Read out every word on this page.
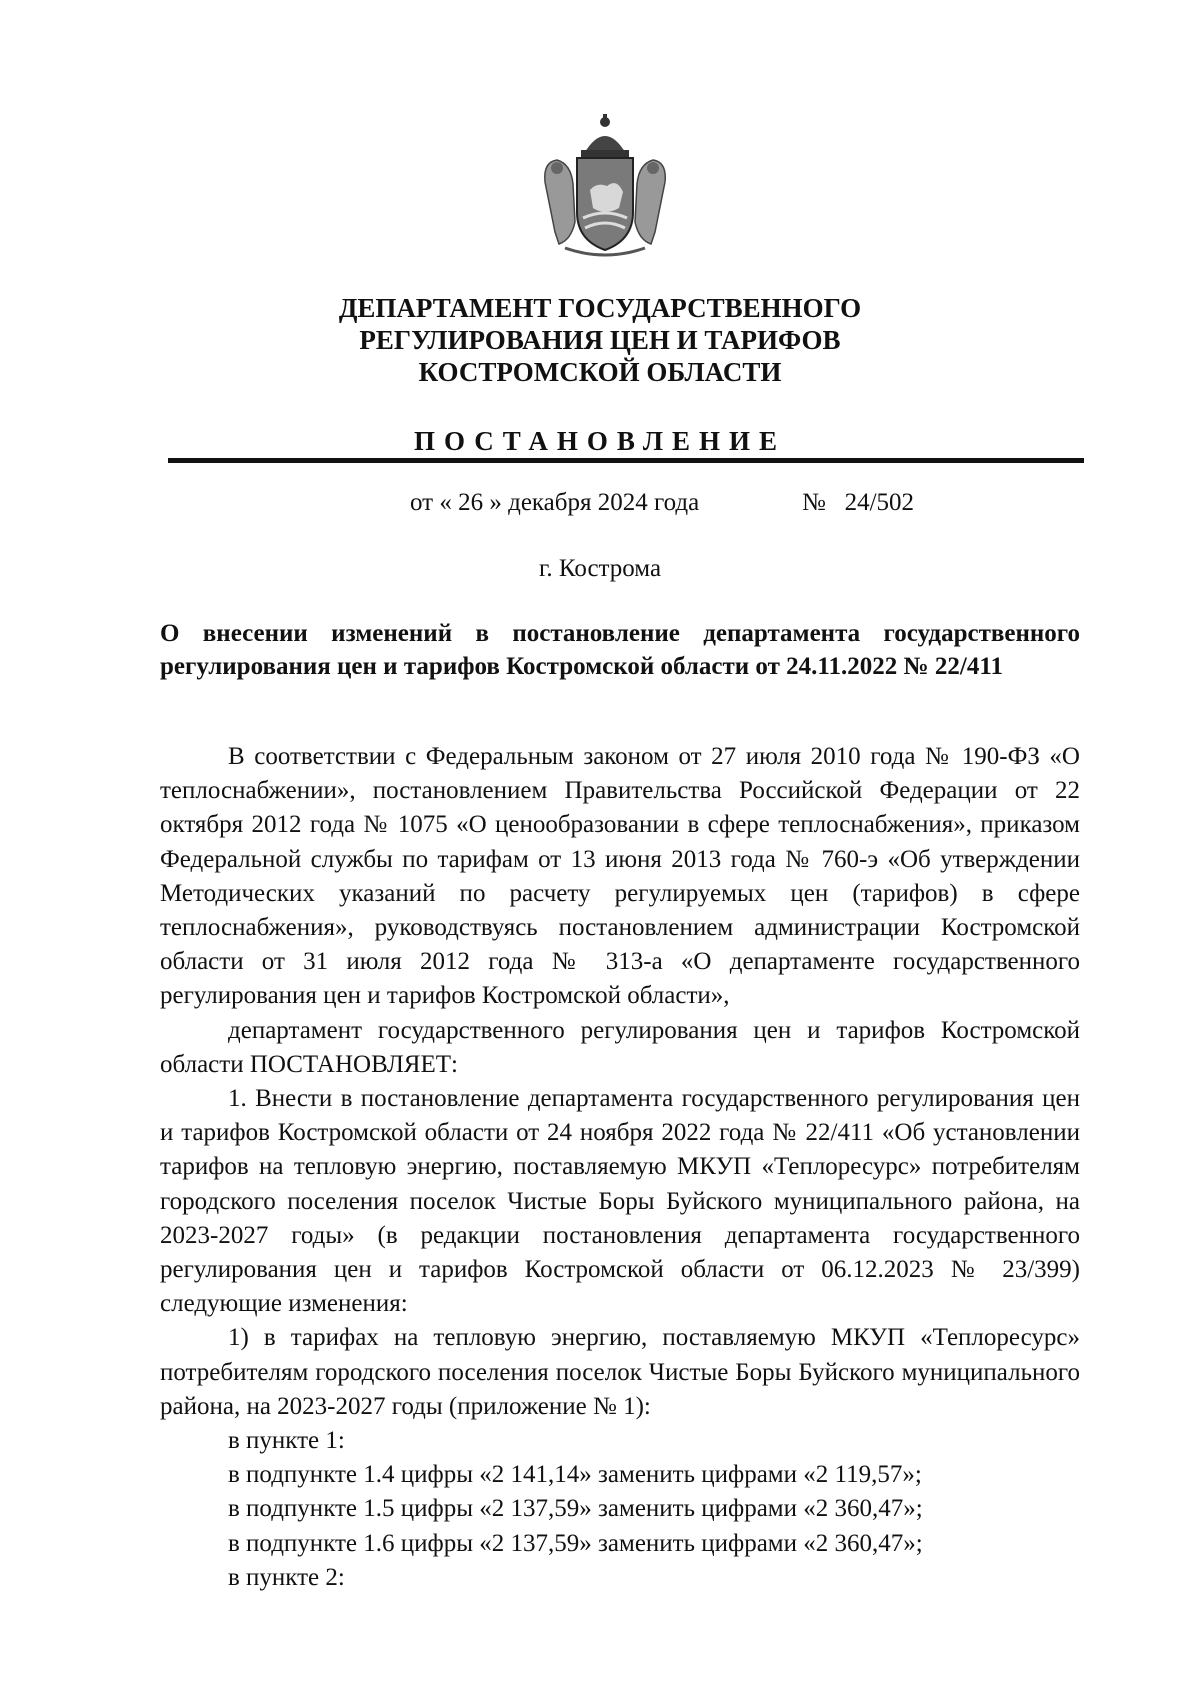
ДЕПАРТАМЕНТ ГОСУДАРСТВЕННОГО
РЕГУЛИРОВАНИЯ ЦЕН И ТАРИФОВ
КОСТРОМСКОЙ ОБЛАСТИ
ПОСТАНОВЛЕНИЕ
от « 26 » декабря 2024 года	№   24/502
г. Кострома
О внесении изменений в постановление департамента государственного регулирования цен и тарифов Костромской области от 24.11.2022 № 22/411

В соответствии с Федеральным законом от 27 июля 2010 года № 190-ФЗ «О теплоснабжении», постановлением Правительства Российской Федерации от 22 октября 2012 года № 1075 «О ценообразовании в сфере теплоснабжения», приказом Федеральной службы по тарифам от 13 июня 2013 года № 760-э «Об утверждении Методических указаний по расчету регулируемых цен (тарифов) в сфере теплоснабжения», руководствуясь постановлением администрации Костромской области от 31 июля 2012 года № 313-а «О департаменте государственного регулирования цен и тарифов Костромской области»,

департамент государственного регулирования цен и тарифов Костромской области ПОСТАНОВЛЯЕТ:

1. Внести в постановление департамента государственного регулирования цен и тарифов Костромской области от 24 ноября 2022 года № 22/411 «Об установлении тарифов на тепловую энергию, поставляемую МКУП «Теплоресурс» потребителям городского поселения поселок Чистые Боры Буйского муниципального района, на 2023-2027 годы» (в редакции постановления департамента государственного регулирования цен и тарифов Костромской области от 06.12.2023 № 23/399) следующие изменения:

1) в тарифах на тепловую энергию, поставляемую МКУП «Теплоресурс» потребителям городского поселения поселок Чистые Боры Буйского муниципального района, на 2023-2027 годы (приложение № 1):

в пункте 1:

в подпункте 1.4 цифры «2 141,14» заменить цифрами «2 119,57»;

в подпункте 1.5 цифры «2 137,59» заменить цифрами «2 360,47»;

в подпункте 1.6 цифры «2 137,59» заменить цифрами «2 360,47»;

в пункте 2:
